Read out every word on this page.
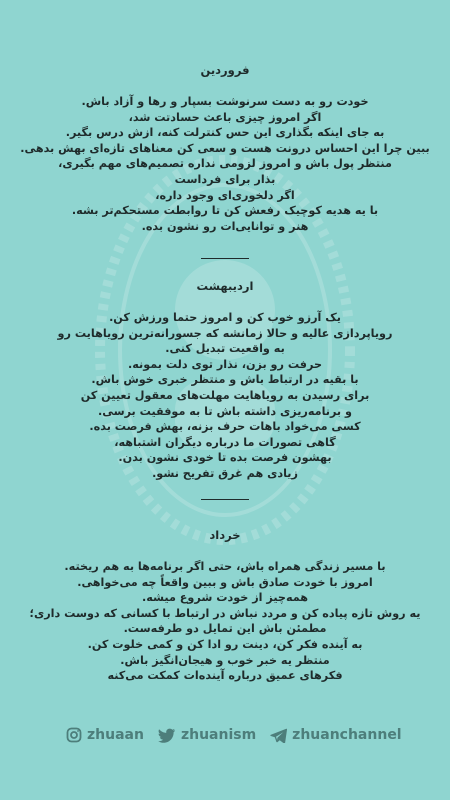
فروردین

خودت رو به دست سرنوشت بسپار و رها و آزاد باش.
اگر امروز چیزی باعث حسادتت شد،
به جای اینکه بگذاری این حس کنترلت کنه، ازش درس بگیر.
ببین چرا این احساس درونت هست و سعی کن معناهای تازه‌ای بهش بدهی.
منتظر پول باش و امروز لزومی نداره تصمیم‌های مهم بگیری،
بذار برای فرداست
اگر دلخوری‌ای وجود داره،
با یه هدیه کوچیک رفعش کن تا روابطت مستحکم‌تر بشه.
هنر و توانایی‌ات رو نشون بده.

اردیبهشت

یک آرزو خوب کن و امروز حتما ورزش کن.
رویاپردازی عالیه و حالا زمانشه که جسورانه‌ترین رویاهایت رو
به واقعیت تبدیل کنی.
حرفت رو بزن، نذار توی دلت بمونه.
با بقیه در ارتباط باش و منتظر خبری خوش باش.
برای رسیدن به رویاهایت مهلت‌های معقول تعیین کن
و برنامه‌ریزی داشته باش تا به موفقیت برسی.
کسی می‌خواد باهات حرف بزنه، بهش فرصت بده.
گاهی تصورات ما درباره دیگران اشتباهه،
بهشون فرصت بده تا خودی نشون بدن.
زیادی هم غرق تفریح نشو.

خرداد

با مسیر زندگی همراه باش، حتی اگر برنامه‌ها به هم ریخته.
امروز با خودت صادق باش و ببین واقعاً چه می‌خواهی.
همه‌چیز از خودت شروع میشه.
یه روش تازه پیاده کن و مردد نباش در ارتباط با کسانی که دوست داری؛
مطمئن باش این تمایل دو طرفه‌ست.
به آینده فکر کن، دینت رو ادا کن و کمی خلوت کن.
منتظر یه خبر خوب و هیجان‌انگیز باش.
فکرهای عمیق درباره آینده‌ات کمکت می‌کنه
zhuaan	zhuanism	zhuanchannel
